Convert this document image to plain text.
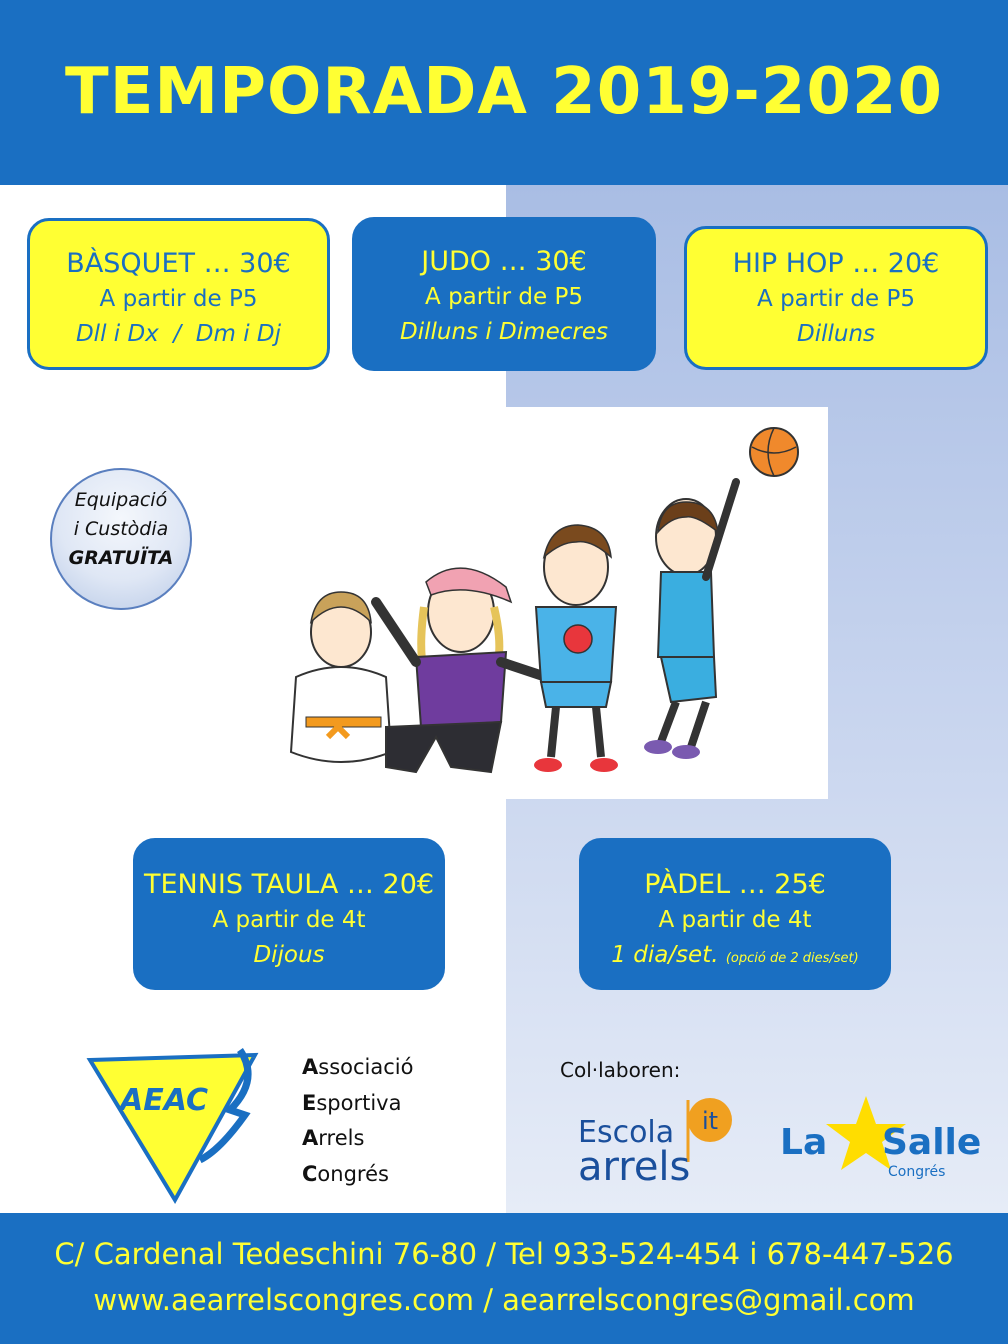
TEMPORADA 2019-2020
BÀSQUET … 30€
A partir de P5
Dll i Dx  /  Dm i Dj
JUDO … 30€
A partir de P5
Dilluns i Dimecres
HIP HOP … 20€
A partir de P5
Dilluns
TENNIS TAULA … 20€
A partir de 4t
Dijous
PÀDEL … 25€
A partir de 4t
1 dia/set. (opció de 2 dies/set)
Equipació
i Custòdia
GRATUÏTA
AEAC
Associació
Esportiva
Arrels
Congrés
Col·laboren:
Escola it
arrels
La Salle
Congrés
C/ Cardenal Tedeschini 76-80 / Tel 933-524-454 i 678-447-526
www.aearrelscongres.com / aearrelscongres@gmail.com
